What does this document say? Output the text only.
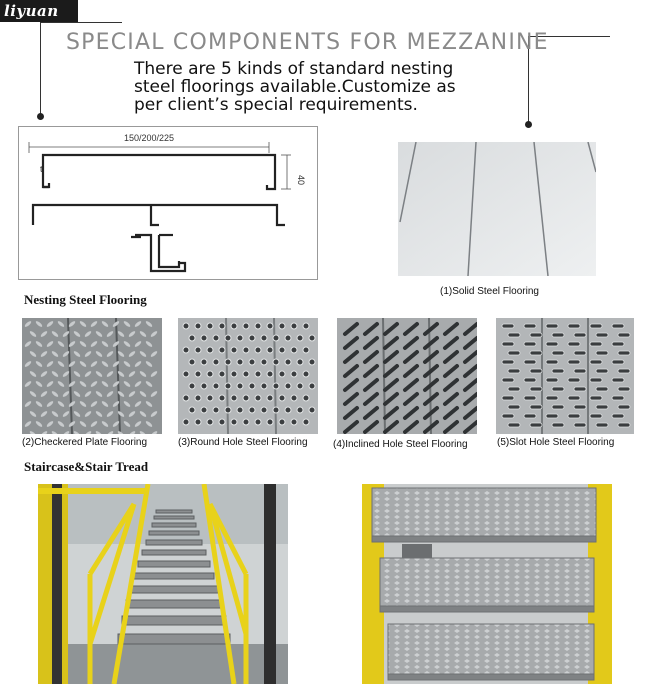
liyuan
SPECIAL COMPONENTS FOR MEZZANINE
There are 5 kinds of standard nesting
steel floorings available.Customize as
per client’s special requirements.
150/200/225
t
40
(1)Solid Steel Flooring
Nesting Steel Flooring
(2)Checkered Plate Flooring	(3)Round Hole Steel Flooring	(4)Inclined Hole Steel Flooring	(5)Slot Hole Steel Flooring
Staircase&Stair Tread
